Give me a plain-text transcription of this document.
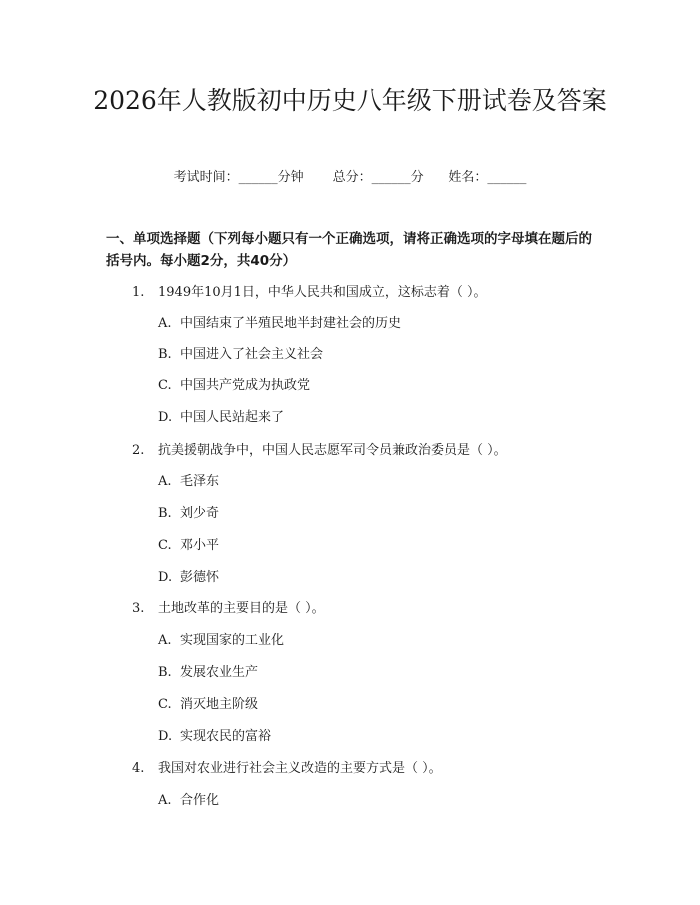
2026年人教版初中历史八年级下册试卷及答案
考试时间：______分钟 总分：______分 姓名：______
一、单项选择题（下列每小题只有一个正确选项，请将正确选项的字母填在题后的括号内。每小题2分，共40分）
1. 1949年10月1日，中华人民共和国成立，这标志着（ ）。
A. 中国结束了半殖民地半封建社会的历史
B. 中国进入了社会主义社会
C. 中国共产党成为执政党
D. 中国人民站起来了
2. 抗美援朝战争中，中国人民志愿军司令员兼政治委员是（ ）。
A. 毛泽东
B. 刘少奇
C. 邓小平
D. 彭德怀
3. 土地改革的主要目的是（ ）。
A. 实现国家的工业化
B. 发展农业生产
C. 消灭地主阶级
D. 实现农民的富裕
4. 我国对农业进行社会主义改造的主要方式是（ ）。
A. 合作化
